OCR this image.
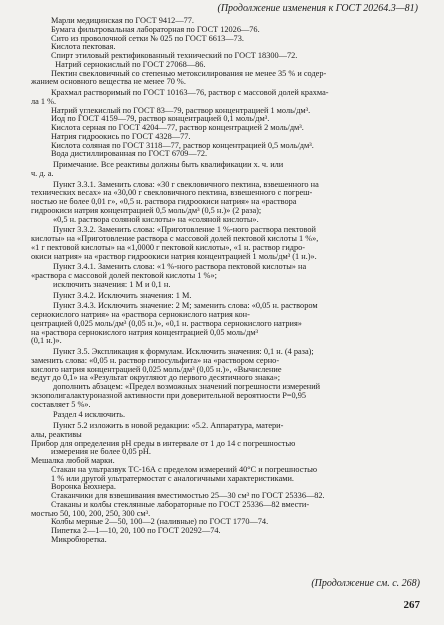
(Продолжение изменения к ГОСТ 20264.3—81)
Марли медицинская по ГОСТ 9412—77.
Бумага фильтровальная лабораторная по ГОСТ 12026—76.
Сито из проволочной сетки № 025 по ГОСТ 6613—73.
Кислота пектовая.
Спирт этиловый ректификованный технический по ГОСТ 18300—72.
Натрий сернокислый по ГОСТ 27068—86.
Пектин свекловичный со степенью метоксилирования не менее 35 % и содер-
жанием основного вещества не менее 70 %.
Крахмал растворимый по ГОСТ 10163—76, раствор с массовой долей крахма-
ла 1 %.
Натрий углекислый по ГОСТ 83—79, раствор концентрацией 1 моль/дм³.
Иод по ГОСТ 4159—79, раствор концентрацией 0,1 моль/дм³.
Кислота серная по ГОСТ 4204—77, раствор концентрацией 2 моль/дм³.
Натрия гидроокись по ГОСТ 4328—77.
Кислота соляная по ГОСТ 3118—77, раствор концентрацией 0,5 моль/дм³.
Вода дистиллированная по ГОСТ 6709—72.
Примечание. Все реактивы должны быть квалификации х. ч. или
ч. д. а.
Пункт 3.3.1. Заменить слова: «30 г свекловичного пектина, взвешенного на
технических весах» на «30,00 г свекловичного пектина, взвешенного с погреш-
ностью не более 0,01 г», «0,5 н. раствора гидроокиси натрия» на «раствора
гидроокиси натрия концентрацией 0,5 моль/дм³ (0,5 н.)» (2 раза);
«0,5 н. раствора соляной кислоты» на «соляной кислоты».
Пункт 3.3.2. Заменить слова: «Приготовление 1 %-ного раствора пектовой
кислоты» на «Приготовление раствора с массовой долей пектовой кислоты 1 %»,
«1 г пектовой кислоты» на «1,0000 г пектовой кислоты», «1 н. раствор гидро-
окиси натрия» на «раствор гидроокиси натрия концентрацией 1 моль/дм³ (1 н.)».
Пункт 3.4.1. Заменить слова: «1 %-ного раствора пектовой кислоты» на
«раствора с массовой долей пектовой кислоты 1 %»;
исключить значения: 1 М и 0,1 н.
Пункт 3.4.2. Исключить значения: 1 М.
Пункт 3.4.3. Исключить значение: 2 М; заменить слова: «0,05 н. раствором
сернокислого натрия» на «раствора сернокислого натрия кон-
центрацией 0,025 моль/дм³ (0,05 н.)», «0,1 н. раствора сернокислого натрия»
на «раствора сернокислого натрия концентрацией 0,05 моль/дм³
(0,1 н.)».
Пункт 3.5. Экспликация к формулам. Исключить значения: 0,1 н. (4 раза);
заменить слова: «0,05 н. раствор гипосульфита» на «раствором серно-
кислого натрия концентрацией 0,025 моль/дм³ (0,05 н.)», «Вычисление
ведут до 0,1» на «Результат округляют до первого десятичного знака»;
дополнить абзацем: «Предел возможных значений погрешности измерений
экзополигалактуроназной активности при доверительной вероятности P=0,95
составляет 5 %».
Раздел 4 исключить.
Пункт 5.2 изложить в новой редакции: «5.2. Аппаратура, матери-
алы, реактивы
Прибор для определения pH среды в интервале от 1 до 14 с погрешностью
измерения не более 0,05 pH.
Мешалка любой марки.
Стакан на ультразвук ТС-16А с пределом измерений 40°С и погрешностью
1 % или другой ультратермостат с аналогичными характеристиками.
Воронка Бюхнера.
Стаканчики для взвешивания вместимостью 25—30 см³ по ГОСТ 25336—82.
Стаканы и колбы стеклянные лабораторные по ГОСТ 25336—82 вмести-
мостью 50, 100, 200, 250, 300 см³.
Колбы мерные 2—50, 100—2 (наливные) по ГОСТ 1770—74.
Пипетка 2—1—10, 20, 100 по ГОСТ 20292—74.
Микробюретка.
(Продолжение см. с. 268)
267
